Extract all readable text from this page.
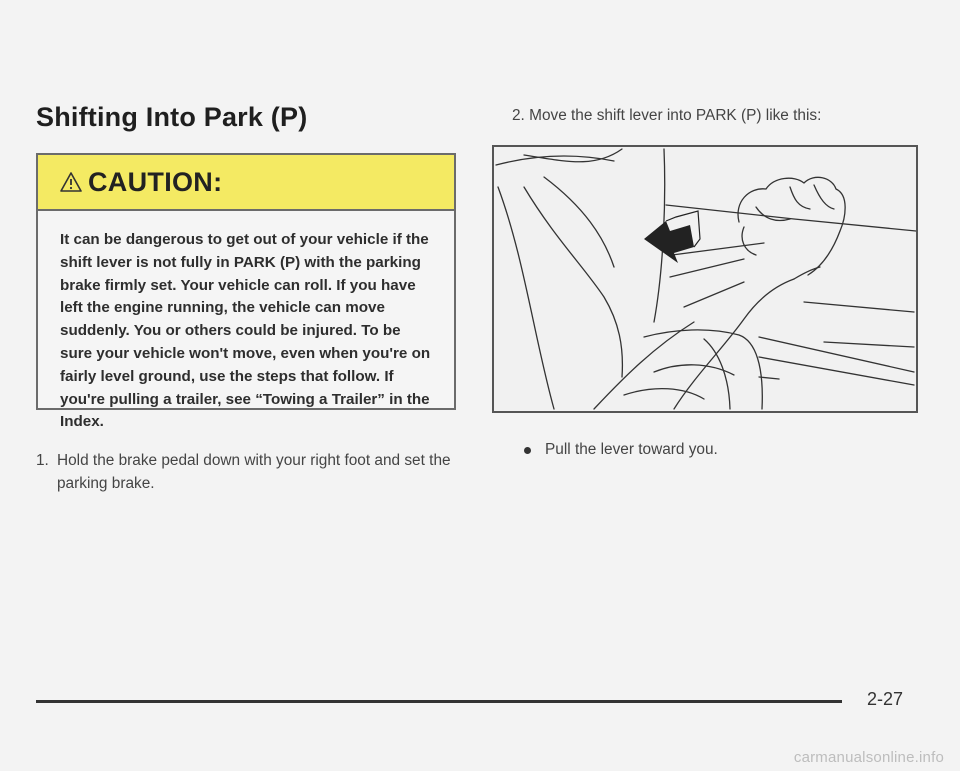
Shifting Into Park (P)
CAUTION:

It can be dangerous to get out of your vehicle if the shift lever is not fully in PARK (P) with the parking brake firmly set. Your vehicle can roll. If you have left the engine running, the vehicle can move suddenly. You or others could be injured. To be sure your vehicle won't move, even when you're on fairly level ground, use the steps that follow. If you're pulling a trailer, see “Towing a Trailer” in the Index.

1. Hold the brake pedal down with your right foot and set the parking brake.
2. Move the shift lever into PARK (P) like this:
Pull the lever toward you.
2-27
carmanualsonline.info
